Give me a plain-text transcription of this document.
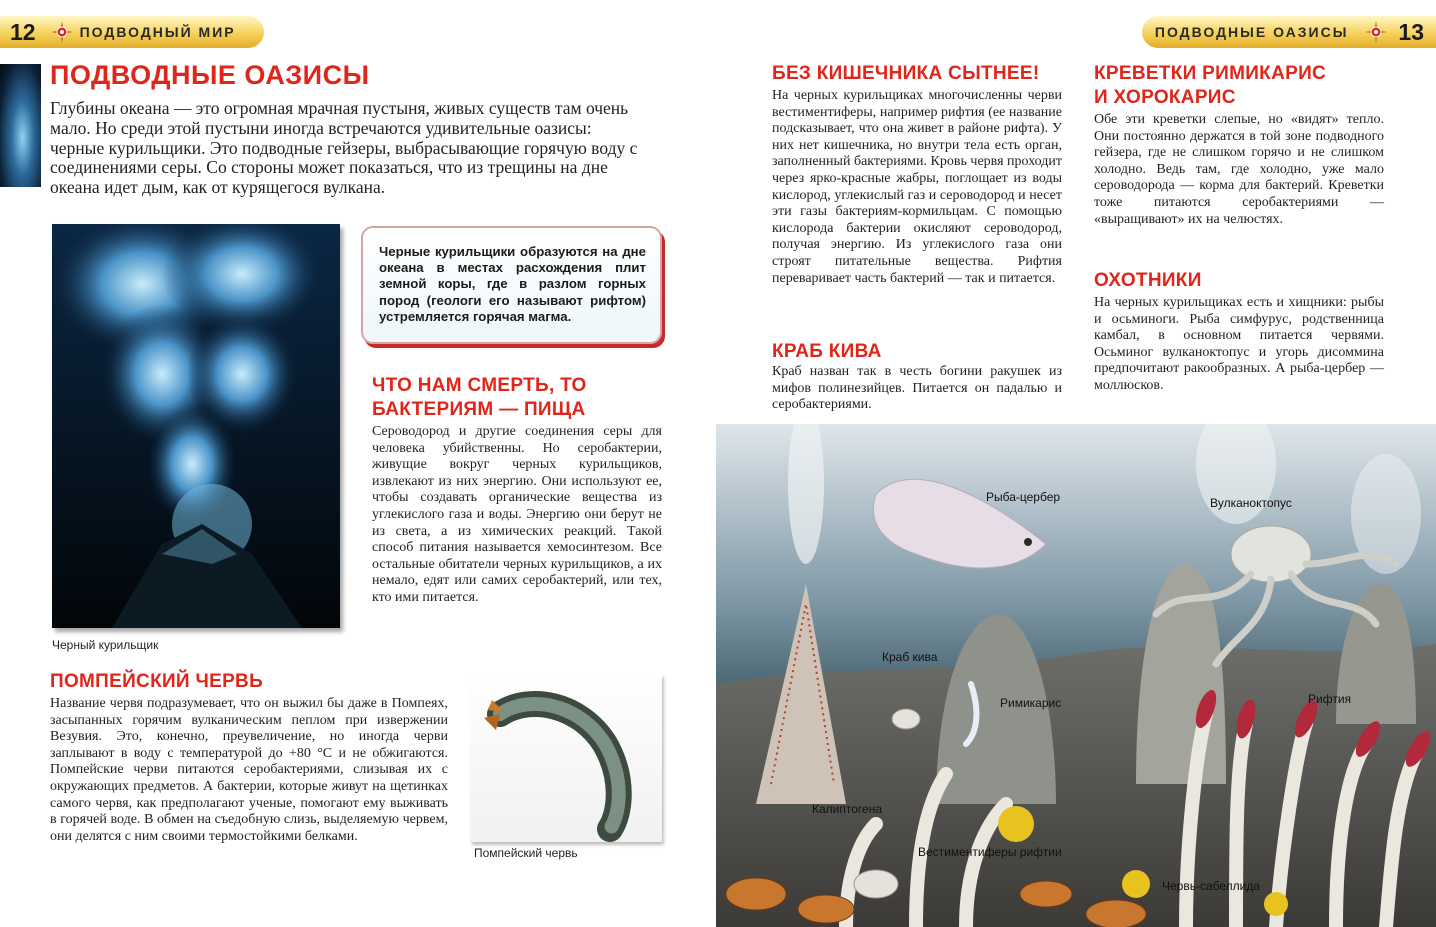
12	ПОДВОДНЫЙ МИР	ПОДВОДНЫЕ ОАЗИСЫ 13
ПОДВОДНЫЕ ОАЗИСЫ

Глубины океана — это огромная мрачная пустыня, живых существ там очень мало. Но среди этой пустыни иногда встречаются удивительные оазисы: черные курильщики. Это подводные гейзеры, выбрасывающие горячую воду с соединениями серы. Со стороны может показаться, что из трещины на дне океана идет дым, как от курящегося вулкана.

Черный курильщик

Черные курильщики образуются на дне океана в местах расхождения плит земной коры, где в разлом горных пород (геологи его называют рифтом) устремляется горячая магма.

ЧТО НАМ СМЕРТЬ, ТО
БАКТЕРИЯМ — ПИЩА

Сероводород и другие соединения серы для человека убийственны. Но серобактерии, живущие вокруг черных курильщиков, извлекают из них энергию. Они используют ее, чтобы создавать органические вещества из углекислого газа и воды. Энергию они берут не из света, а из химических реакций. Такой способ питания называется хемосинтезом. Все остальные обитатели черных курильщиков, а их немало, едят или самих серобактерий, или тех, кто ими питается.

ПОМПЕЙСКИЙ ЧЕРВЬ

Название червя подразумевает, что он выжил бы даже в Помпеях, засыпанных горячим вулканическим пеплом при извержении Везувия. Это, конечно, преувеличение, но иногда черви заплывают в воду с температурой до +80 °С и не обжигаются. Помпейские черви питаются серобактериями, слизывая их с окружающих предметов. А бактерии, которые живут на щетинках самого червя, как предполагают ученые, помогают ему выживать в горячей воде. В обмен на съедобную слизь, выделяемую червем, они делятся с ним своими термостойкими белками.

Помпейский червь
БЕЗ КИШЕЧНИКА СЫТНЕЕ!

На черных курильщиках многочисленны черви вестиментиферы, например рифтия (ее название подсказывает, что она живет в районе рифта). У них нет кишечника, но внутри тела есть орган, заполненный бактериями. Кровь червя проходит через ярко-красные жабры, поглощает из воды кислород, углекислый газ и сероводород и несет эти газы бактериям-кормильцам. С помощью кислорода бактерии окисляют сероводород, получая энергию. Из углекислого газа они строят питательные вещества. Рифтия переваривает часть бактерий — так и питается.

КРАБ КИВА

Краб назван так в честь богини ракушек из мифов полинезийцев. Питается он падалью и серобактериями.

КРЕВЕТКИ РИМИКАРИС
И ХОРОКАРИС

Обе эти креветки слепые, но «видят» тепло. Они постоянно держатся в той зоне подводного гейзера, где не слишком горячо и не слишком холодно. Ведь там, где холодно, уже мало сероводорода — корма для бактерий. Креветки тоже питаются серобактериями — «выращивают» их на челюстях.

ОХОТНИКИ

На черных курильщиках есть и хищники: рыбы и осьминоги. Рыба симфурус, родственница камбал, в основном питается червями. Осьминог вулканоктопус и угорь дисоммина предпочитают ракообразных. А рыба-цербер — моллюсков.

Рыба-цербер	Вулканоктопус
Краб кива
Римикарис	Рифтия
Калиптогена
Вестиментиферы рифтии
Червь-сабеллида
